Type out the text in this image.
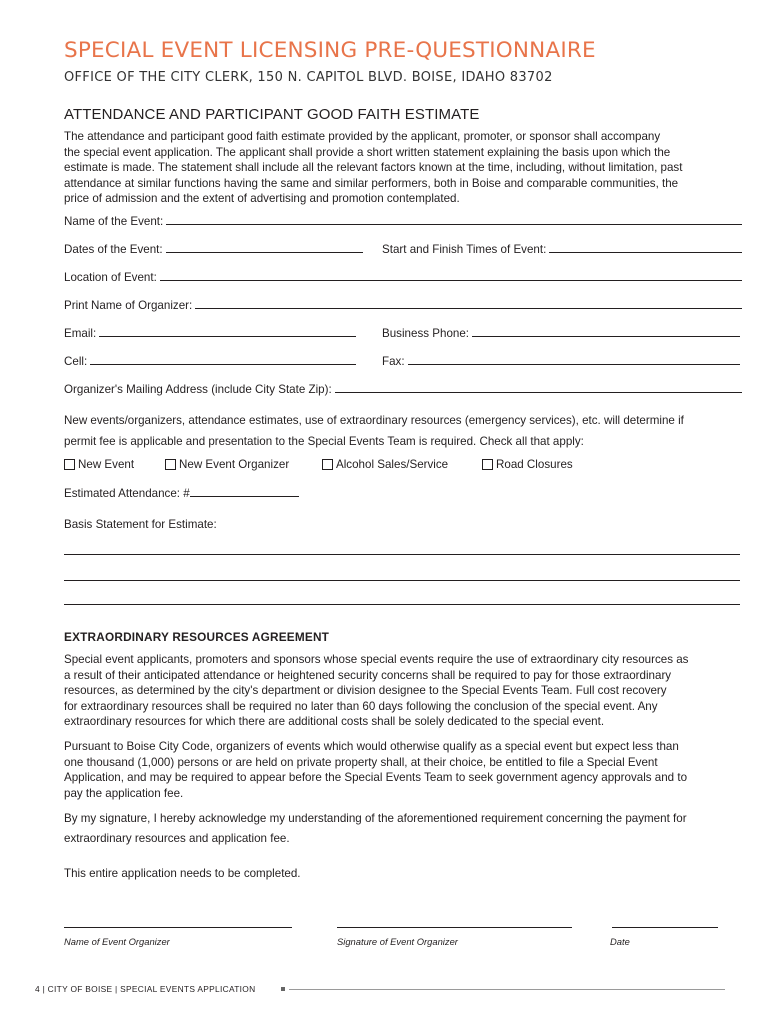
SPECIAL EVENT LICENSING PRE-QUESTIONNAIRE
OFFICE OF THE CITY CLERK, 150 N. CAPITOL BLVD. BOISE, IDAHO 83702
ATTENDANCE AND PARTICIPANT GOOD FAITH ESTIMATE
The attendance and participant good faith estimate provided by the applicant, promoter, or sponsor shall accompany
the special event application. The applicant shall provide a short written statement explaining the basis upon which the
estimate is made. The statement shall include all the relevant factors known at the time, including, without limitation, past
attendance at similar functions having the same and similar performers, both in Boise and comparable communities, the
price of admission and the extent of advertising and promotion contemplated.
Name of the Event:
Dates of the Event:	Start and Finish Times of Event:
Location of Event:
Print Name of Organizer:
Email:	Business Phone:
Cell:	Fax:
Organizer's Mailing Address (include City State Zip):
New events/organizers, attendance estimates, use of extraordinary resources (emergency services), etc. will determine if
permit fee is applicable and presentation to the Special Events Team is required. Check all that apply:
New Event	New Event Organizer	Alcohol Sales/Service	Road Closures
Estimated Attendance: #
Basis Statement for Estimate:
EXTRAORDINARY RESOURCES AGREEMENT
Special event applicants, promoters and sponsors whose special events require the use of extraordinary city resources as
a result of their anticipated attendance or heightened security concerns shall be required to pay for those extraordinary
resources, as determined by the city's department or division designee to the Special Events Team. Full cost recovery
for extraordinary resources shall be required no later than 60 days following the conclusion of the special event. Any
extraordinary resources for which there are additional costs shall be solely dedicated to the special event.
Pursuant to Boise City Code, organizers of events which would otherwise qualify as a special event but expect less than
one thousand (1,000) persons or are held on private property shall, at their choice, be entitled to file a Special Event
Application, and may be required to appear before the Special Events Team to seek government agency approvals and to
pay the application fee.
By my signature, I hereby acknowledge my understanding of the aforementioned requirement concerning the payment for
extraordinary resources and application fee.
This entire application needs to be completed.
Name of Event Organizer	Signature of Event Organizer	Date
4 | CITY OF BOISE | SPECIAL EVENTS APPLICATION
